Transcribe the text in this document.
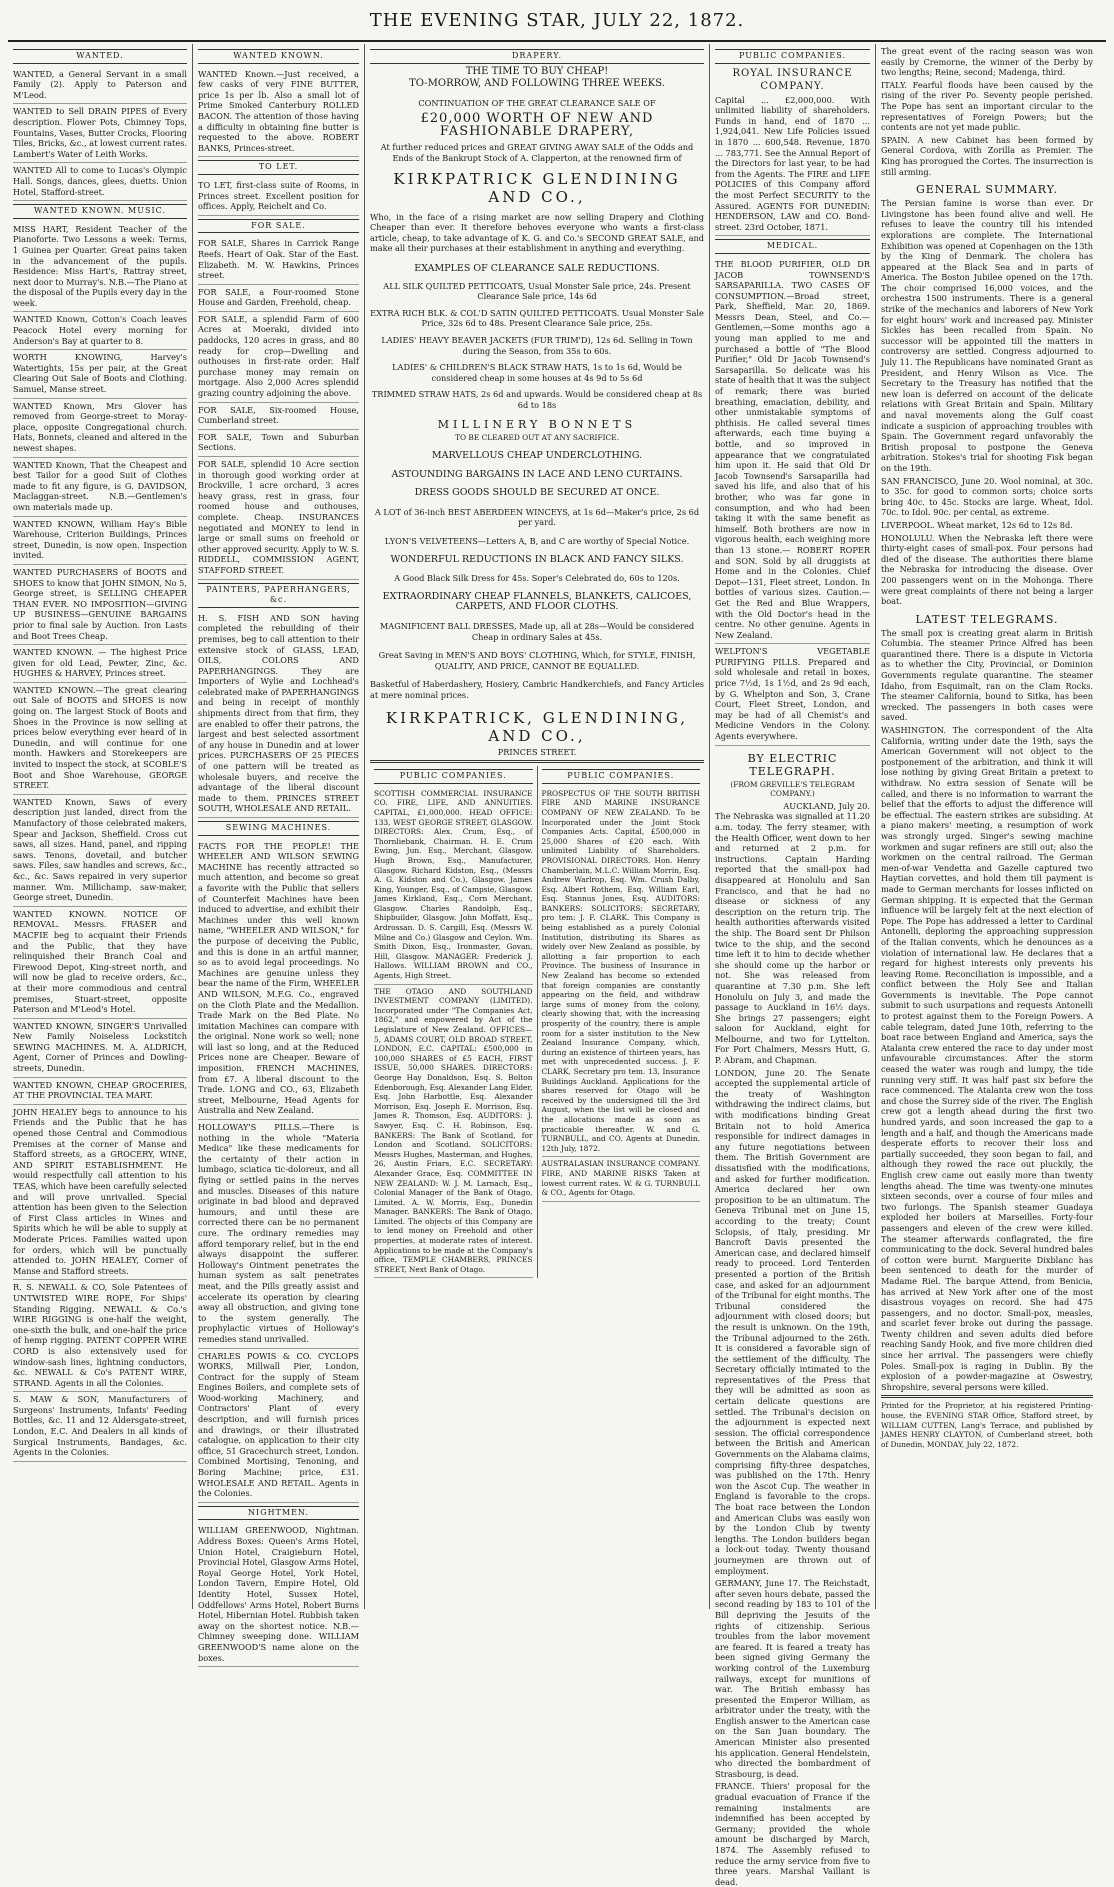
THE EVENING STAR, JULY 22, 1872.
WANTED.

WANTED, a General Servant in a small Family (2). Apply to Paterson and M'Leod.

WANTED to Sell DRAIN PIPES of Every description. Flower Pots, Chimney Tops, Fountains, Vases, Butter Crocks, Flooring Tiles, Bricks, &c., at lowest current rates. Lambert's Water of Leith Works.

WANTED All to come to Lucas's Olympic Hall. Songs, dances, glees, duetts. Union Hotel, Stafford-street.

WANTED KNOWN. MUSIC.

MISS HART, Resident Teacher of the Pianoforte. Two Lessons a week: Terms, 1 Guinea per Quarter. Great pains taken in the advancement of the pupils. Residence: Miss Hart's, Rattray street, next door to Murray's. N.B.—The Piano at the disposal of the Pupils every day in the week.

WANTED Known, Cotton's Coach leaves Peacock Hotel every morning for Anderson's Bay at quarter to 8.

WORTH KNOWING, Harvey's Watertights, 15s per pair, at the Great Clearing Out Sale of Boots and Clothing. Samuel, Manse street.

WANTED Known, Mrs Glover has removed from George-street to Moray-place, opposite Congregational church. Hats, Bonnets, cleaned and altered in the newest shapes.

WANTED Known, That the Cheapest and best Tailor for a good Suit of Clothes made to fit any figure, is G. DAVIDSON, Maclaggan-street. N.B.—Gentlemen's own materials made up.

WANTED KNOWN, William Hay's Bible Warehouse, Criterion Buildings, Princes street, Dunedin, is now open. Inspection invited.

WANTED PURCHASERS of BOOTS and SHOES to know that JOHN SIMON, No 5, George street, is SELLING CHEAPER THAN EVER. NO IMPOSITION—GIVING UP BUSINESS—GENUINE BARGAINS prior to final sale by Auction. Iron Lasts and Boot Trees Cheap.

WANTED KNOWN. — The highest Price given for old Lead, Pewter, Zinc, &c. HUGHES & HARVEY, Princes street.

WANTED KNOWN.—The great clearing out Sale of BOOTS and SHOES is now going on. The largest Stock of Boots and Shoes in the Province is now selling at prices below everything ever heard of in Dunedin, and will continue for one month. Hawkers and Storekeepers are invited to inspect the stock, at SCOBLE'S Boot and Shoe Warehouse, GEORGE STREET.

WANTED Known, Saws of every description just landed, direct from the Manufactory of those celebrated makers, Spear and Jackson, Sheffield. Cross cut saws, all sizes. Hand, panel, and ripping saws. Tenons, dovetail, and butcher saws. Files, saw handles and screws, &c., &c., &c. Saws repaired in very superior manner. Wm. Millichamp, saw-maker, George street, Dunedin.

WANTED KNOWN. NOTICE OF REMOVAL. Messrs. FRASER and MACFIE beg to acquaint their Friends and the Public, that they have relinquished their Branch Coal and Firewood Depot, King-street north, and will now be glad to receive orders, &c., at their more commodious and central premises, Stuart-street, opposite Paterson and M'Leod's Hotel.

WANTED KNOWN, SINGER'S Unrivalled New Family Noiseless Lockstitch SEWING MACHINES. M. A. ALDRICH, Agent, Corner of Princes and Dowling-streets, Dunedin.

WANTED KNOWN, CHEAP GROCERIES, AT THE PROVINCIAL TEA MART.

JOHN HEALEY begs to announce to his Friends and the Public that he has opened those Central and Commodious Premises at the corner of Manse and Stafford streets, as a GROCERY, WINE, AND SPIRIT ESTABLISHMENT. He would respectfully call attention to his TEAS, which have been carefully selected and will prove unrivalled. Special attention has been given to the Selection of First Class articles in Wines and Spirits which he will be able to supply at Moderate Prices. Families waited upon for orders, which will be punctually attended to. JOHN HEALEY, Corner of Manse and Stafford streets.

R. S. NEWALL & CO, Sole Patentees of UNTWISTED WIRE ROPE, For Ships' Standing Rigging. NEWALL & Co.'s WIRE RIGGING is one-half the weight, one-sixth the bulk, and one-half the price of hemp rigging. PATENT COPPER WIRE CORD is also extensively used for window-sash lines, lightning conductors, &c. NEWALL & Co's PATENT WIRE, STRAND. Agents in all the Colonies.

S. MAW & SON, Manufacturers of Surgeons' Instruments, Infants' Feeding Bottles, &c. 11 and 12 Aldersgate-street, London, E.C. And Dealers in all kinds of Surgical Instruments, Bandages, &c. Agents in the Colonies.

WANTED KNOWN.

WANTED Known.—Just received, a few casks of very FINE BUTTER, price 1s per lb. Also a small lot of Prime Smoked Canterbury ROLLED BACON. The attention of those having a difficulty in obtaining fine butter is requested to the above. ROBERT BANKS, Princes-street.

TO LET.

TO LET, first-class suite of Rooms, in Princes street. Excellent position for offices. Apply, Reichelt and Co.

FOR SALE.

FOR SALE, Shares in Carrick Range Reefs. Heart of Oak. Star of the East. Elizabeth. M. W. Hawkins, Princes street.

FOR SALE, a Four-roomed Stone House and Garden, Freehold, cheap.

FOR SALE, a splendid Farm of 600 Acres at Moeraki, divided into paddocks, 120 acres in grass, and 80 ready for crop—Dwelling and outhouses in first-rate order. Half purchase money may remain on mortgage. Also 2,000 Acres splendid grazing country adjoining the above.

FOR SALE, Six-roomed House, Cumberland street.

FOR SALE, Town and Suburban Sections.

FOR SALE, splendid 10 Acre section in thorough good working order at Brockville, 1 acre orchard, 3 acres heavy grass, rest in grass, four roomed house and outhouses, complete. Cheap. INSURANCES negotiated and MONEY to lend in large or small sums on freehold or other approved security. Apply to W. S. RIDDELL, COMMISSION AGENT, STAFFORD STREET.

PAINTERS, PAPERHANGERS, &c.

H. S. FISH AND SON having completed the rebuilding of their premises, beg to call attention to their extensive stock of GLASS, LEAD, OILS, COLORS AND PAPERHANGINGS. They are Importers of Wylie and Lochhead's celebrated make of PAPERHANGINGS and being in receipt of monthly shipments direct from that firm, they are enabled to offer their patrons, the largest and best selected assortment of any house in Dunedin and at lower prices. PURCHASERS OF 25 PIECES of one pattern will be treated as wholesale buyers, and receive the advantage of the liberal discount made to them. PRINCES STREET SOUTH, WHOLESALE AND RETAIL.

SEWING MACHINES.

FACTS FOR THE PEOPLE! THE WHEELER AND WILSON SEWING MACHINE has recently attracted so much attention, and become so great a favorite with the Public that sellers of Counterfeit Machines have been induced to advertise, and exhibit their Machines under this well known name, "WHEELER AND WILSON," for the purpose of deceiving the Public, and this is done in an artful manner, so as to avoid legal proceedings. No Machines are genuine unless they bear the name of the Firm, WHEELER AND WILSON, M.F.G. Co., engraved on the Cloth Plate and the Medallion. Trade Mark on the Bed Plate. No imitation Machines can compare with the original. None work so well; none will last so long, and at the Reduced Prices none are Cheaper. Beware of imposition. FRENCH MACHINES, from £7. A liberal discount to the Trade. LONG and CO., 63, Elizabeth street, Melbourne, Head Agents for Australia and New Zealand.

HOLLOWAY'S PILLS.—There is nothing in the whole "Materia Medica" like these medicaments for the certainty of their action in lumbago, sciatica tic-doloreux, and all flying or settled pains in the nerves and muscles. Diseases of this nature originate in bad blood and depraved humours, and until these are corrected there can be no permanent cure. The ordinary remedies may afford temporary relief, but in the end always disappoint the sufferer. Holloway's Ointment penetrates the human system as salt penetrates meat, and the Pills greatly assist and accelerate its operation by clearing away all obstruction, and giving tone to the system generally. The prophylactic virtues of Holloway's remedies stand unrivalled.

CHARLES POWIS & CO. CYCLOPS WORKS, Millwall Pier, London, Contract for the supply of Steam Engines Boilers, and complete sets of Wood-working Machinery, and Contractors' Plant of every description, and will furnish prices and drawings, or their illustrated catalogue, on application to their city office, 51 Gracechurch street, London. Combined Mortising, Tenoning, and Boring Machine; price, £31. WHOLESALE AND RETAIL. Agents in the Colonies.

NIGHTMEN.

WILLIAM GREENWOOD, Nightman. Address Boxes: Queen's Arms Hotel, Union Hotel, Craigieburn Hotel, Provincial Hotel, Glasgow Arms Hotel, Royal George Hotel, York Hotel, London Tavern, Empire Hotel, Old Identity Hotel, Sussex Hotel, Oddfellows' Arms Hotel, Robert Burns Hotel, Hibernian Hotel. Rubbish taken away on the shortest notice. N.B.—Chimney sweeping done. WILLIAM GREENWOOD'S name alone on the boxes.

DRAPERY.
THE TIME TO BUY CHEAP!
TO-MORROW, AND FOLLOWING THREE WEEKS.
CONTINUATION OF THE GREAT CLEARANCE SALE OF
£20,000 WORTH OF NEW AND FASHIONABLE DRAPERY,
At further reduced prices and GREAT GIVING AWAY SALE of the Odds and Ends of the Bankrupt Stock of A. Clapperton, at the renowned firm of
KIRKPATRICK GLENDINING AND CO.,
Who, in the face of a rising market are now selling Drapery and Clothing Cheaper than ever. It therefore behoves everyone who wants a first-class article, cheap, to take advantage of K. G. and Co.'s SECOND GREAT SALE, and make all their purchases at their establishment in anything and everything.
EXAMPLES OF CLEARANCE SALE REDUCTIONS.
ALL SILK QUILTED PETTICOATS, Usual Monster Sale price, 24s. Present Clearance Sale price, 14s 6d
EXTRA RICH BLK. & COL'D SATIN QUILTED PETTICOATS. Usual Monster Sale Price, 32s 6d to 48s. Present Clearance Sale price, 25s.
LADIES' HEAVY BEAVER JACKETS (FUR TRIM'D), 12s 6d. Selling in Town during the Season, from 35s to 60s.
LADIES' & CHILDREN'S BLACK STRAW HATS, 1s to 1s 6d, Would be considered cheap in some houses at 4s 9d to 5s 6d
TRIMMED STRAW HATS, 2s 6d and upwards. Would be considered cheap at 8s 6d to 18s
MILLINERY BONNETS
TO BE CLEARED OUT AT ANY SACRIFICE.
MARVELLOUS CHEAP UNDERCLOTHING.
ASTOUNDING BARGAINS IN LACE AND LENO CURTAINS.
DRESS GOODS SHOULD BE SECURED AT ONCE.
A LOT of 36-inch BEST ABERDEEN WINCEYS, at 1s 6d—Maker's price, 2s 6d per yard.
LYON'S VELVETEENS—Letters A, B, and C are worthy of Special Notice.
WONDERFUL REDUCTIONS IN BLACK AND FANCY SILKS.
A Good Black Silk Dress for 45s. Soper's Celebrated do, 60s to 120s.
EXTRAORDINARY CHEAP FLANNELS, BLANKETS, CALICOES, CARPETS, AND FLOOR CLOTHS.
MAGNIFICENT BALL DRESSES, Made up, all at 28s—Would be considered Cheap in ordinary Sales at 45s.
Great Saving in MEN'S AND BOYS' CLOTHING, Which, for STYLE, FINISH, QUALITY, AND PRICE, CANNOT BE EQUALLED.
Basketful of Haberdashery, Hosiery, Cambric Handkerchiefs, and Fancy Articles at mere nominal prices.
KIRKPATRICK, GLENDINING, AND CO.,
PRINCES STREET.
PUBLIC COMPANIES.

SCOTTISH COMMERCIAL INSURANCE CO. FIRE, LIFE, AND ANNUITIES. CAPITAL, £1,000,000. HEAD OFFICE: 133, WEST GEORGE STREET, GLASGOW. DIRECTORS: Alex. Crum, Esq., of Thornliebank, Chairman. H. E. Crum Ewing, Jun. Esq., Merchant, Glasgow. Hugh Brown, Esq., Manufacturer, Glasgow. Richard Kidston, Esq., (Messrs A. G. Kidston and Co.), Glasgow. James King, Younger, Esq., of Campsie, Glasgow. James Kirkland, Esq., Corn Merchant, Glasgow. Charles Randolph, Esq., Shipbuilder, Glasgow. John Moffatt, Esq., Ardrossan. D. S. Cargill, Esq. (Messrs W. Milne and Co.) Glasgow and Ceylon. Wm. Smith Dixon, Esq., Ironmaster, Govan, Hill, Glasgow. MANAGER: Frederick J. Hallows. WILLIAM BROWN and CO., Agents, High Street.

THE OTAGO AND SOUTHLAND INVESTMENT COMPANY (LIMITED). Incorporated under "The Companies Act, 1862," and empowered by Act of the Legislature of New Zealand. OFFICES—5, ADAMS COURT, OLD BROAD STREET, LONDON, E.C. CAPITAL: £500,000 in 100,000 SHARES of £5 EACH, FIRST ISSUE, 50,000 SHARES. DIRECTORS: George Hay Donaldson, Esq. S. Bolton Edenborough, Esq. Alexander Lang Elder, Esq. John Harbottle, Esq. Alexander Morrison, Esq. Joseph E. Morrison, Esq. James R. Thomson, Esq. AUDITORS: J. Sawyer, Esq. C. H. Robinson, Esq. BANKERS: The Bank of Scotland, for London and Scotland. SOLICITORS: Messrs Hughes, Masterman, and Hughes, 26, Austin Friars, E.C. SECRETARY: Alexander Grace, Esq. COMMITTEE IN NEW ZEALAND: W. J. M. Larnach, Esq., Colonial Manager of the Bank of Otago, Limited. A. W. Morris, Esq., Dunedin Manager. BANKERS: The Bank of Otago, Limited. The objects of this Company are to lend money on Freehold and other properties, at moderate rates of interest. Applications to be made at the Company's office, TEMPLE CHAMBERS, PRINCES STREET, Next Bank of Otago.

PUBLIC COMPANIES.

PROSPECTUS OF THE SOUTH BRITISH FIRE AND MARINE INSURANCE COMPANY OF NEW ZEALAND. To be Incorporated under the Joint Stock Companies Acts. Capital, £500,000 in 25,000 Shares of £20 each. With unlimited Liability of Shareholders. PROVISIONAL DIRECTORS. Hon. Henry Chamberlain, M.L.C. William Morrin, Esq. Andrew Warlrop, Esq. Wm. Crush Dalby, Esq. Albert Rothem, Esq. William Earl, Esq. Stannus Jones, Esq. AUDITORS: BANKERS: SOLICITORS: SECRETARY, pro tem: J. F. CLARK. This Company is being established as a purely Colonial Institution, distributing its Shares as widely over New Zealand as possible, by allotting a fair proportion to each Province. The business of Insurance in New Zealand has become so extended that foreign companies are constantly appearing on the field, and withdraw large sums of money from the colony, clearly showing that, with the increasing prosperity of the country, there is ample room for a sister institution to the New Zealand Insurance Company, which, during an existence of thirteen years, has met with unprecedented success. J. F. CLARK, Secretary pro tem. 13, Insurance Buildings Auckland. Applications for the shares reserved for Otago will be received by the undersigned till the 3rd August, when the list will be closed and the allocations made as soon as practicable thereafter. W. and G. TURNBULL, and CO. Agents at Dunedin. 12th July, 1872.

AUSTRALASIAN INSURANCE COMPANY. FIRE, AND MARINE RISKS Taken at lowest current rates. W. & G. TURNBULL & CO., Agents for Otago.

PUBLIC COMPANIES.
ROYAL INSURANCE COMPANY.

Capital ... £2,000,000. With unlimited liability of shareholders. Funds in hand, end of 1870 ... 1,924,041. New Life Policies issued in 1870 ... 600,548. Revenue, 1870 ... 783,771. See the Annual Report of the Directors for last year, to be had from the Agents. The FIRE and LIFE POLICIES of this Company afford the most Perfect SECURITY to the Assured. AGENTS FOR DUNEDIN: HENDERSON, LAW and CO. Bond-street. 23rd October, 1871.

MEDICAL.

THE BLOOD PURIFIER, OLD DR JACOB TOWNSEND'S SARSAPARILLA. TWO CASES OF CONSUMPTION.—Broad street, Park, Sheffield, Mar. 20, 1869. Messrs Dean, Steel, and Co.— Gentlemen,—Some months ago a young man applied to me and purchased a bottle of "The Blood Purifier," Old Dr Jacob Townsend's Sarsaparilla. So delicate was his state of health that it was the subject of remark; there was buried breathing, emaciation, debility, and other unmistakable symptoms of phthisis. He called several times afterwards, each time buying a bottle, and so improved in appearance that we congratulated him upon it. He said that Old Dr Jacob Townsend's Sarsaparilla had saved his life, and also that of his brother, who was far gone in consumption, and who had been taking it with the same benefit as himself. Both brothers are now in vigorous health, each weighing more than 13 stone.— ROBERT ROPER and SON. Sold by all druggists at Home and in the Colonies. Chief Depot—131, Fleet street, London. In bottles of various sizes. Caution.—Get the Red and Blue Wrappers, with the Old Doctor's head in the centre. No other genuine. Agents in New Zealand.

WELPTON'S VEGETABLE PURIFYING PILLS. Prepared and sold wholesale and retail in boxes, price 7½d, 1s 1½d, and 2s 9d each, by G. Whelpton and Son, 3, Crane Court, Fleet Street, London, and may be had of all Chemist's and Medicine Vendors in the Colony. Agents everywhere.

BY ELECTRIC TELEGRAPH.
(FROM GREVILLE'S TELEGRAM COMPANY.)
AUCKLAND, July 20.

The Nebraska was signalled at 11.20 a.m. today. The ferry steamer, with the Health Officer, went down to her and returned at 2 p.m. for instructions. Captain Harding reported that the small-pox had disappeared at Honolulu and San Francisco, and that he had no disease or sickness of any description on the return trip. The health authorities afterwards visited the ship. The Board sent Dr Philson twice to the ship, and the second time left it to him to decide whether she should come up the harbor or not. She was released from quarantine at 7.30 p.m. She left Honolulu on July 3, and made the passage to Auckland in 16½ days. She brings 27 passengers; eight saloon for Auckland, eight for Melbourne, and two for Lyttelton. For Port Chalmers, Messrs Hutt, G. P. Abram, and Chapman.

LONDON, June 20. The Senate accepted the supplemental article of the treaty of Washington withdrawing the indirect claims, but with modifications binding Great Britain not to hold America responsible for indirect damages in any future negotiations between them. The British Government are dissatisfied with the modifications, and asked for further modification. America declared her own proposition to be an ultimatum. The Geneva Tribunal met on June 15, according to the treaty; Count Sclopsis, of Italy, presiding. Mr Bancroft Davis presented the American case, and declared himself ready to proceed. Lord Tenterden presented a portion of the British case, and asked for an adjournment of the Tribunal for eight months. The Tribunal considered the adjournment with closed doors; but the result is unknown. On the 19th, the Tribunal adjourned to the 26th. It is considered a favorable sign of the settlement of the difficulty. The Secretary officially intimated to the representatives of the Press that they will be admitted as soon as certain delicate questions are settled. The Tribunal's decision on the adjournment is expected next session. The official correspondence between the British and American Governments on the Alabama claims, comprising fifty-three despatches, was published on the 17th. Henry won the Ascot Cup. The weather in England is favorable to the crops. The boat race between the London and American Clubs was easily won by the London Club by twenty lengths. The London builders began a lock-out today. Twenty thousand journeymen are thrown out of employment.

GERMANY, June 17. The Reichstadt, after seven hours debate, passed the second reading by 183 to 101 of the Bill depriving the Jesuits of the rights of citizenship. Serious troubles from the labor movement are feared. It is feared a treaty has been signed giving Germany the working control of the Luxemburg railways, except for munitions of war. The British embassy has presented the Emperor William, as arbitrator under the treaty, with the English answer to the American case on the San Juan boundary. The American Minister also presented his application. General Hendelstein, who directed the bombardment of Strasbourg, is dead.

FRANCE. Thiers' proposal for the gradual evacuation of France if the remaining instalments are indemnified has been accepted by Germany; provided the whole amount be discharged by March, 1874. The Assembly refused to reduce the army service from five to three years. Marshal Vaillant is dead.

The great event of the racing season was won easily by Cremorne, the winner of the Derby by two lengths; Reine, second; Madenga, third.

ITALY. Fearful floods have been caused by the rising of the river Po. Seventy people perished. The Pope has sent an important circular to the representatives of Foreign Powers; but the contents are not yet made public.

SPAIN. A new Cabinet has been formed by General Cordova, with Zorilla as Premier. The King has prorogued the Cortes. The insurrection is still arming.

GENERAL SUMMARY.

The Persian famine is worse than ever. Dr Livingstone has been found alive and well. He refuses to leave the country till his intended explorations are complete. The International Exhibition was opened at Copenhagen on the 13th by the King of Denmark. The cholera has appeared at the Black Sea and in parts of America. The Boston Jubilee opened on the 17th. The choir comprised 16,000 voices, and the orchestra 1500 instruments. There is a general strike of the mechanics and laborers of New York for eight hours' work and increased pay. Minister Sickles has been recalled from Spain. No successor will be appointed till the matters in controversy are settled. Congress adjourned to July 11. The Republicans have nominated Grant as President, and Henry Wilson as Vice. The Secretary to the Treasury has notified that the new loan is deferred on account of the delicate relations with Great Britain and Spain. Military and naval movements along the Gulf coast indicate a suspicion of approaching troubles with Spain. The Government regard unfavorably the British proposal to postpone the Geneva arbitration. Stokes's trial for shooting Fisk began on the 19th.

SAN FRANCISCO, June 20. Wool nominal, at 30c. to 35c. for good to common sorts; choice sorts bring 40c. to 45c. Stocks are large. Wheat, Idol. 70c. to Idol. 90c. per cental, as extreme.

LIVERPOOL. Wheat market, 12s 6d to 12s 8d.

HONOLULU. When the Nebraska left there were thirty-eight cases of small-pox. Four persons had died of the disease. The authorities there blame the Nebraska for introducing the disease. Over 200 passengers went on in the Mohonga. There were great complaints of there not being a larger boat.

LATEST TELEGRAMS.

The small pox is creating great alarm in British Columbia. The steamer Prince Alfred has been quarantined there. There is a dispute in Victoria as to whether the City, Provincial, or Dominion Governments regulate quarantine. The steamer Idaho, from Esquimalt, ran on the Clam Rocks. The steamer California, bound to Sitka, has been wrecked. The passengers in both cases were saved.

WASHINGTON. The correspondent of the Alta California, writing under date the 19th, says the American Government will not object to the postponement of the arbitration, and think it will lose nothing by giving Great Britain a pretext to withdraw. No extra session of Senate will be called, and there is no information to warrant the belief that the efforts to adjust the difference will be effectual. The eastern strikes are subsiding. At a piano makers' meeting, a resumption of work was strongly urged. Singer's sewing machine workmen and sugar refiners are still out; also the workmen on the central railroad. The German men-of-war Vendetta and Gazelle captured two Haytian corvettes, and hold them till payment is made to German merchants for losses inflicted on German shipping. It is expected that the German influence will be largely felt at the next election of Pope. The Pope has addressed a letter to Cardinal Antonelli, deploring the approaching suppression of the Italian convents, which he denounces as a violation of international law. He declares that a regard for highest interests only prevents his leaving Rome. Reconciliation is impossible, and a conflict between the Holy See and Italian Governments is inevitable. The Pope cannot submit to such usurpations and requests Antonelli to protest against them to the Foreign Powers. A cable telegram, dated June 10th, referring to the boat race between England and America, says the Atalanta crew entered the race to day under most unfavourable circumstances. After the storm ceased the water was rough and lumpy, the tide running very stiff. It was half past six before the race commenced. The Atalanta crew won the toss and chose the Surrey side of the river. The English crew got a length ahead during the first two hundred yards, and soon increased the gap to a length and a half, and though the Americans made desperate efforts to recover their loss and partially succeeded, they soon began to fail, and although they rowed the race out pluckily, the English crew came out easily more than twenty lengths ahead. The time was twenty-one minutes sixteen seconds, over a course of four miles and two furlongs. The Spanish steamer Guadaya exploded her boilers at Marseilles. Forty-four passengers and eleven of the crew were killed. The steamer afterwards conflagrated, the fire communicating to the dock. Several hundred bales of cotton were burnt. Marguerite Dixblanc has been sentenced to death for the murder of Madame Riel. The barque Attend, from Benicia, has arrived at New York after one of the most disastrous voyages on record. She had 475 passengers, and no doctor. Small-pox, measles, and scarlet fever broke out during the passage. Twenty children and seven adults died before reaching Sandy Hook, and five more children died since her arrival. The passengers were chiefly Poles. Small-pox is raging in Dublin. By the explosion of a powder-magazine at Oswestry, Shropshire, several persons were killed.

Printed for the Proprietor, at his registered Printing-house, the EVENING STAR Office, Stafford street, by WILLIAM CUTTEN, Lang's Terrace, and published by JAMES HENRY CLAYTON, of Cumberland street, both of Dunedin, MONDAY, July 22, 1872.
